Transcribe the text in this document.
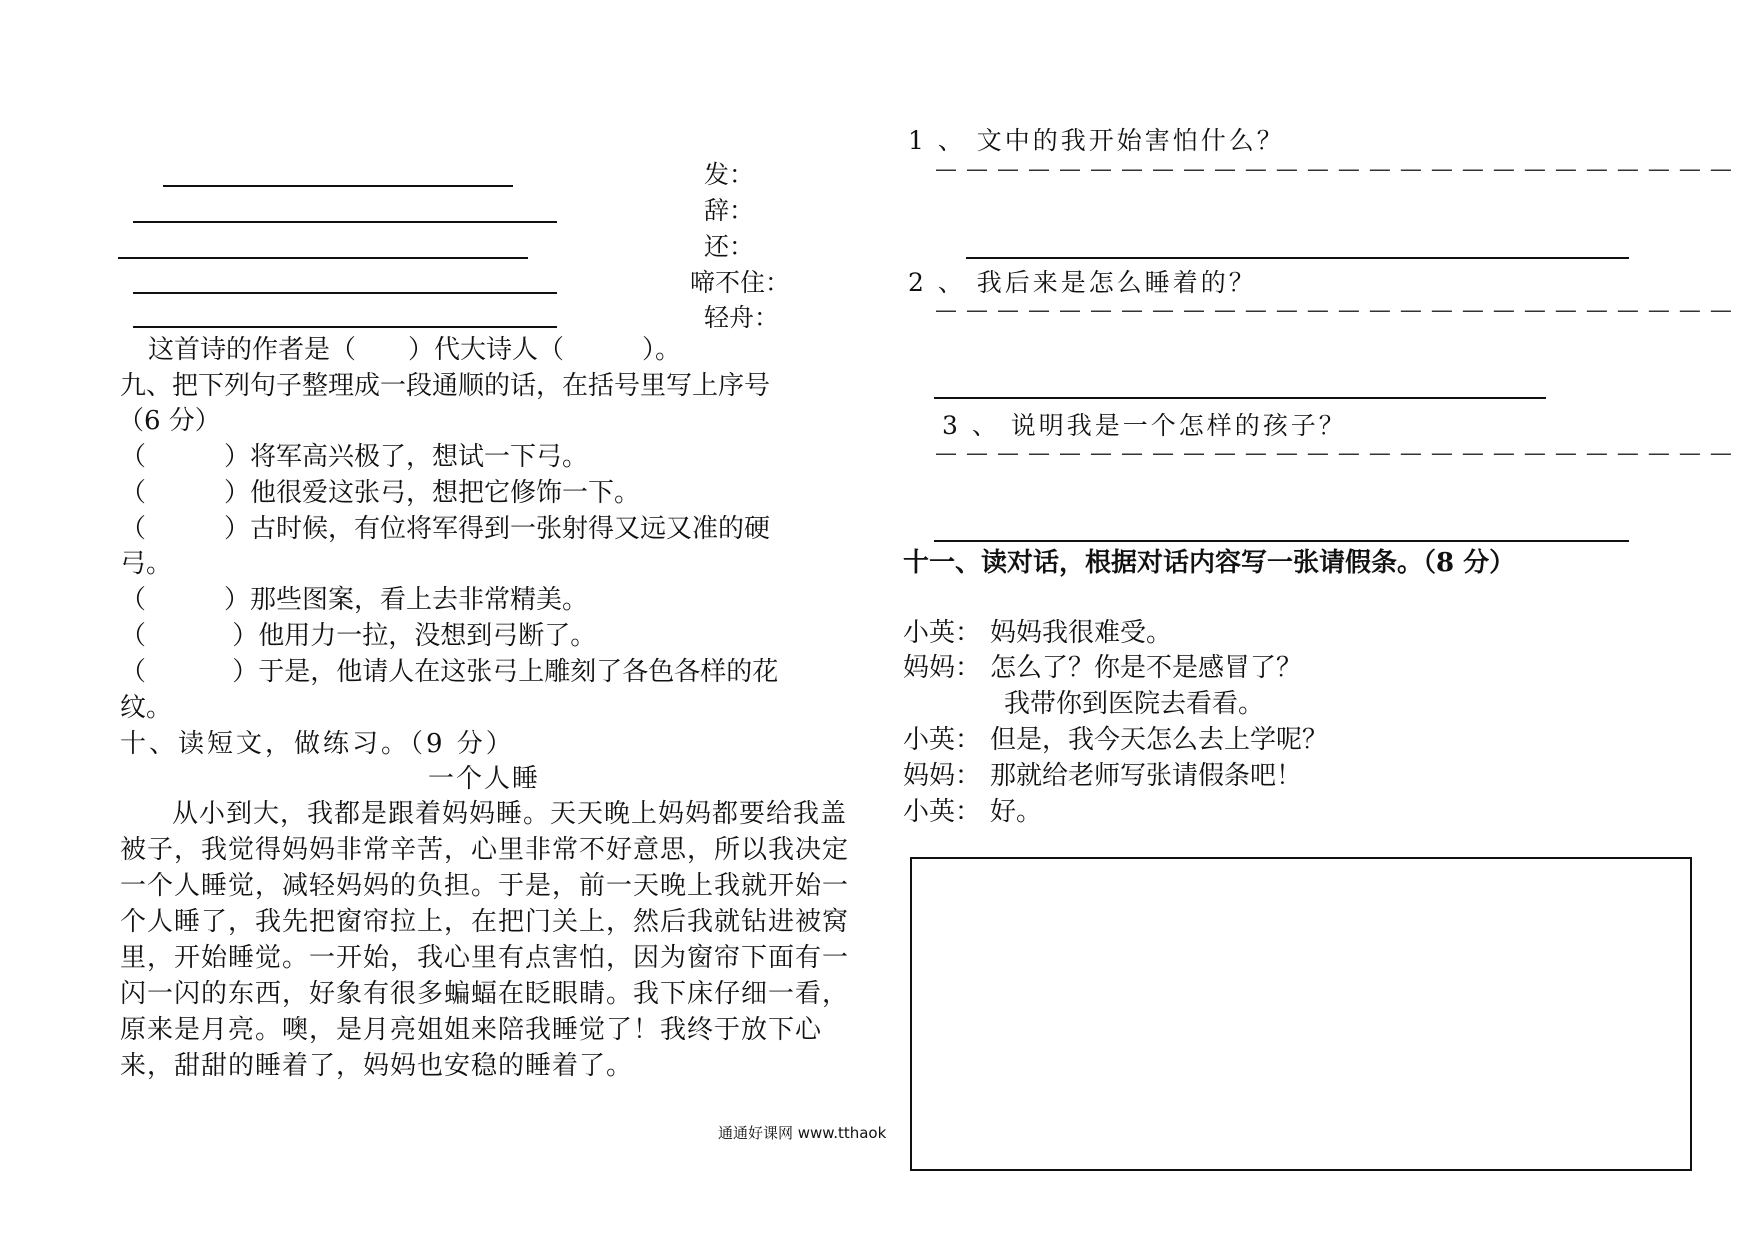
发：
辞：
还：
啼不住：
轻舟：
这首诗的作者是（　　）代大诗人（　　　）。
九、把下列句子整理成一段通顺的话，在括号里写上序号
（6 分）
（　　　）将军高兴极了，想试一下弓。
（　　　）他很爱这张弓，想把它修饰一下。
（　　　）古时候，有位将军得到一张射得又远又准的硬
弓。
（　　　）那些图案，看上去非常精美。
（　　　 ）他用力一拉，没想到弓断了。
（　　　 ）于是，他请人在这张弓上雕刻了各色各样的花
纹。
十、读短文，做练习。（9 分）
一个人睡
从小到大，我都是跟着妈妈睡。天天晚上妈妈都要给我盖被子，我觉得妈妈非常辛苦，心里非常不好意思，所以我决定一个人睡觉，减轻妈妈的负担。于是，前一天晚上我就开始一个人睡了，我先把窗帘拉上，在把门关上，然后我就钻进被窝里，开始睡觉。一开始，我心里有点害怕，因为窗帘下面有一闪一闪的东西，好象有很多蝙蝠在眨眼睛。我下床仔细一看，原来是月亮。噢，是月亮姐姐来陪我睡觉了！我终于放下心来，甜甜的睡着了，妈妈也安稳的睡着了。
通通好课网 www.tthaok
1 、 文中的我开始害怕什么？
— — — — — — — — — — — — — — — — — — — — — — — — — —
2 、 我后来是怎么睡着的？
— — — — — — — — — — — — — — — — — — — — — — — — — —
3 、 说明我是一个怎样的孩子？
— — — — — — — — — — — — — — — — — — — — — — — — — —
十一、读对话，根据对话内容写一张请假条。（8 分）
小英： 妈妈我很难受。
妈妈： 怎么了？你是不是感冒了？
我带你到医院去看看。
小英： 但是，我今天怎么去上学呢？
妈妈： 那就给老师写张请假条吧！
小英： 好。
